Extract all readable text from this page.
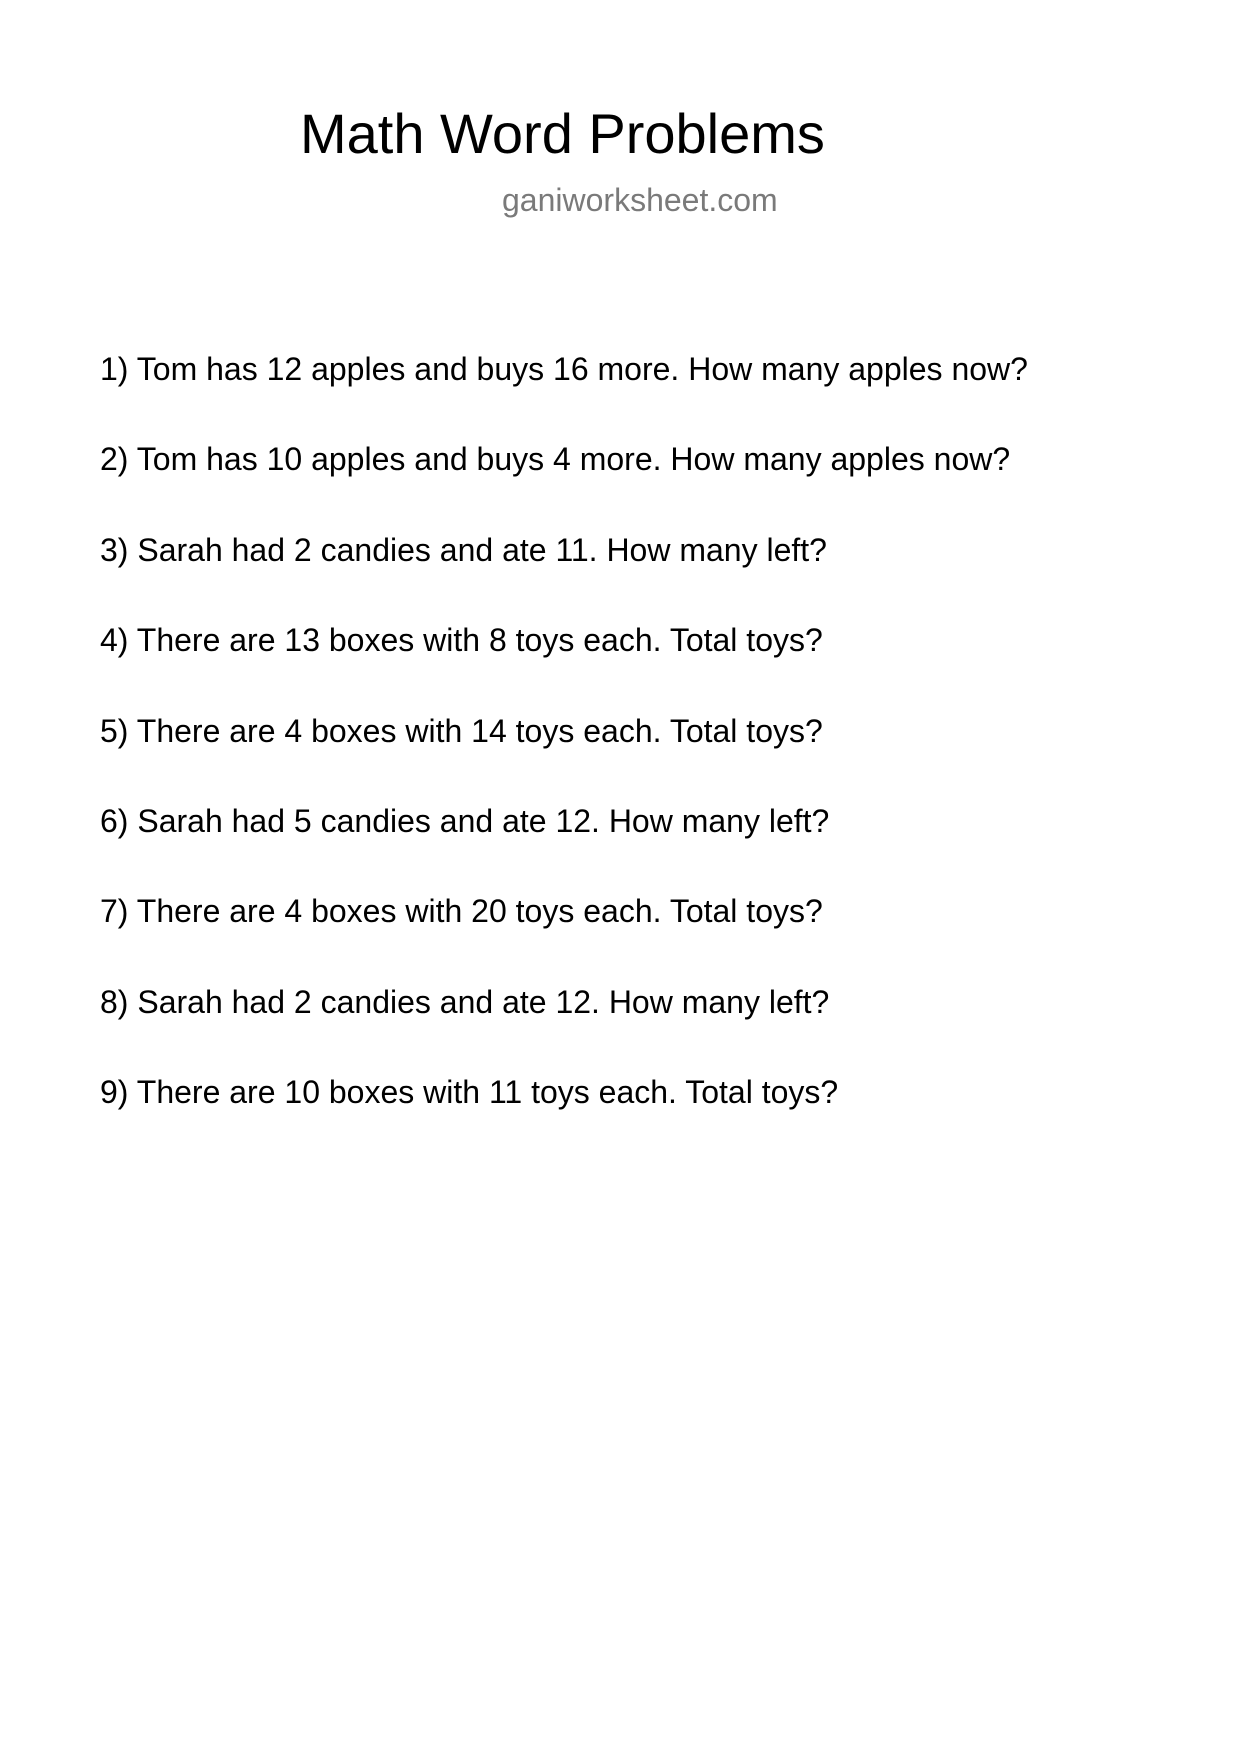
Math Word Problems
ganiworksheet.com
1) Tom has 12 apples and buys 16 more. How many apples now?
2) Tom has 10 apples and buys 4 more. How many apples now?
3) Sarah had 2 candies and ate 11. How many left?
4) There are 13 boxes with 8 toys each. Total toys?
5) There are 4 boxes with 14 toys each. Total toys?
6) Sarah had 5 candies and ate 12. How many left?
7) There are 4 boxes with 20 toys each. Total toys?
8) Sarah had 2 candies and ate 12. How many left?
9) There are 10 boxes with 11 toys each. Total toys?
